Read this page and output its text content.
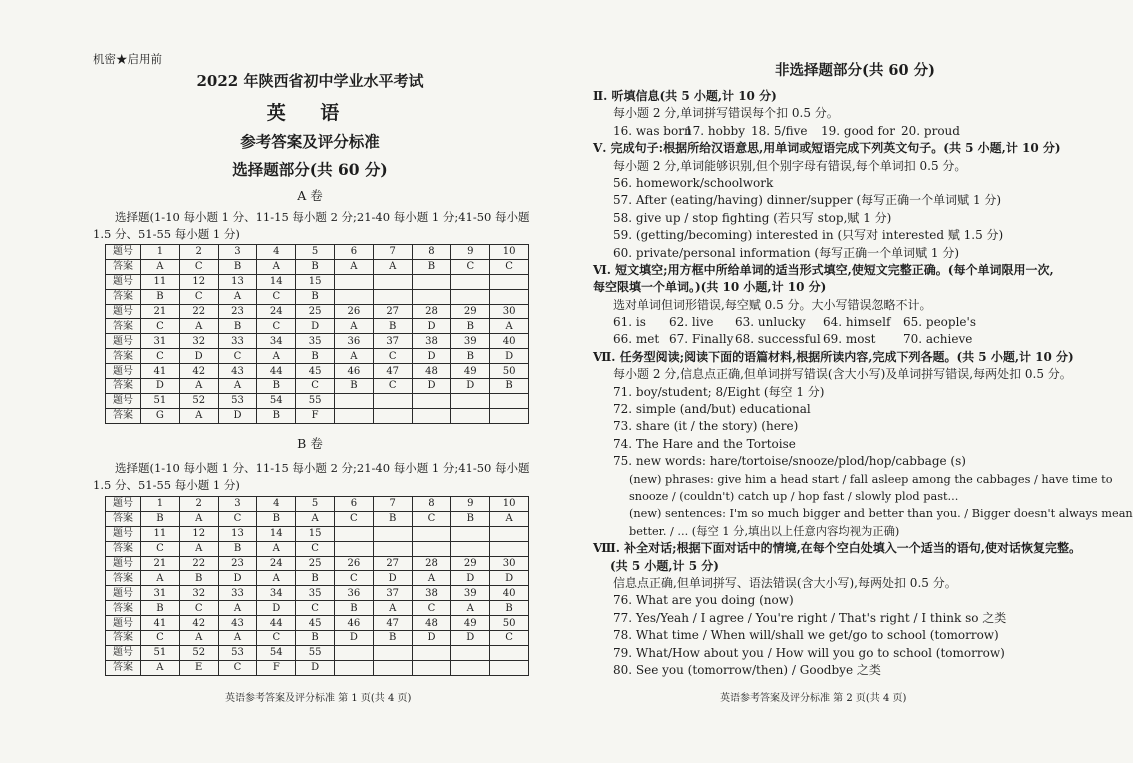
机密★启用前
2022 年陕西省初中学业水平考试
英 语
参考答案及评分标准
选择题部分(共 60 分)
A 卷
选择题(1-10 每小题 1 分、11-15 每小题 2 分;21-40 每小题 1 分;41-50 每小题 1.5 分、51-55 每小题 1 分)
题号	1	2	3	4	5	6	7	8	9	10
答案	A	C	B	A	B	A	A	B	C	C
题号	11	12	13	14	15					
答案	B	C	A	C	B					
题号	21	22	23	24	25	26	27	28	29	30
答案	C	A	B	C	D	A	B	D	B	A
题号	31	32	33	34	35	36	37	38	39	40
答案	C	D	C	A	B	A	C	D	B	D
题号	41	42	43	44	45	46	47	48	49	50
答案	D	A	A	B	C	B	C	D	D	B
题号	51	52	53	54	55					
答案	G	A	D	B	F					
B 卷
选择题(1-10 每小题 1 分、11-15 每小题 2 分;21-40 每小题 1 分;41-50 每小题 1.5 分、51-55 每小题 1 分)
题号	1	2	3	4	5	6	7	8	9	10
答案	B	A	C	B	A	C	B	C	B	A
题号	11	12	13	14	15					
答案	C	A	B	A	C					
题号	21	22	23	24	25	26	27	28	29	30
答案	A	B	D	A	B	C	D	A	D	D
题号	31	32	33	34	35	36	37	38	39	40
答案	B	C	A	D	C	B	A	C	A	B
题号	41	42	43	44	45	46	47	48	49	50
答案	C	A	A	C	B	D	B	D	D	C
题号	51	52	53	54	55					
答案	A	E	C	F	D					
英语参考答案及评分标准 第 1 页(共 4 页)
非选择题部分(共 60 分)
Ⅱ. 听填信息(共 5 小题,计 10 分)
每小题 2 分,单词拼写错误每个扣 0.5 分。
16. was born17. hobby 18. 5/five 19. good for 20. proud
Ⅴ. 完成句子:根据所给汉语意思,用单词或短语完成下列英文句子。(共 5 小题,计 10 分)
每小题 2 分,单词能够识别,但个别字母有错误,每个单词扣 0.5 分。
56. homework/schoolwork
57. After (eating/having) dinner/supper (每写正确一个单词赋 1 分)
58. give up / stop fighting (若只写 stop,赋 1 分)
59. (getting/becoming) interested in (只写对 interested 赋 1.5 分)
60. private/personal information (每写正确一个单词赋 1 分)
Ⅵ. 短文填空;用方框中所给单词的适当形式填空,使短文完整正确。(每个单词限用一次,
每空限填一个单词。)(共 10 小题,计 10 分)
选对单词但词形错误,每空赋 0.5 分。大小写错误忽略不计。
61. is 62. live 63. unlucky 64. himself 65. people's
66. met 67. Finally 68. successful 69. most 70. achieve
Ⅶ. 任务型阅读;阅读下面的语篇材料,根据所读内容,完成下列各题。(共 5 小题,计 10 分)
每小题 2 分,信息点正确,但单词拼写错误(含大小写)及单词拼写错误,每两处扣 0.5 分。
71. boy/student; 8/Eight (每空 1 分)
72. simple (and/but) educational
73. share (it / the story) (here)
74. The Hare and the Tortoise
75. new words: hare/tortoise/snooze/plod/hop/cabbage (s)
(new) phrases: give him a head start / fall asleep among the cabbages / have time to
snooze / (couldn't) catch up / hop fast / slowly plod past...
(new) sentences: I'm so much bigger and better than you. / Bigger doesn't always mean
better. / ... (每空 1 分,填出以上任意内容均视为正确)
Ⅷ. 补全对话;根据下面对话中的情境,在每个空白处填入一个适当的语句,使对话恢复完整。
(共 5 小题,计 5 分)
信息点正确,但单词拼写、语法错误(含大小写),每两处扣 0.5 分。
76. What are you doing (now)
77. Yes/Yeah / I agree / You're right / That's right / I think so 之类
78. What time / When will/shall we get/go to school (tomorrow)
79. What/How about you / How will you go to school (tomorrow)
80. See you (tomorrow/then) / Goodbye 之类
英语参考答案及评分标准 第 2 页(共 4 页)
